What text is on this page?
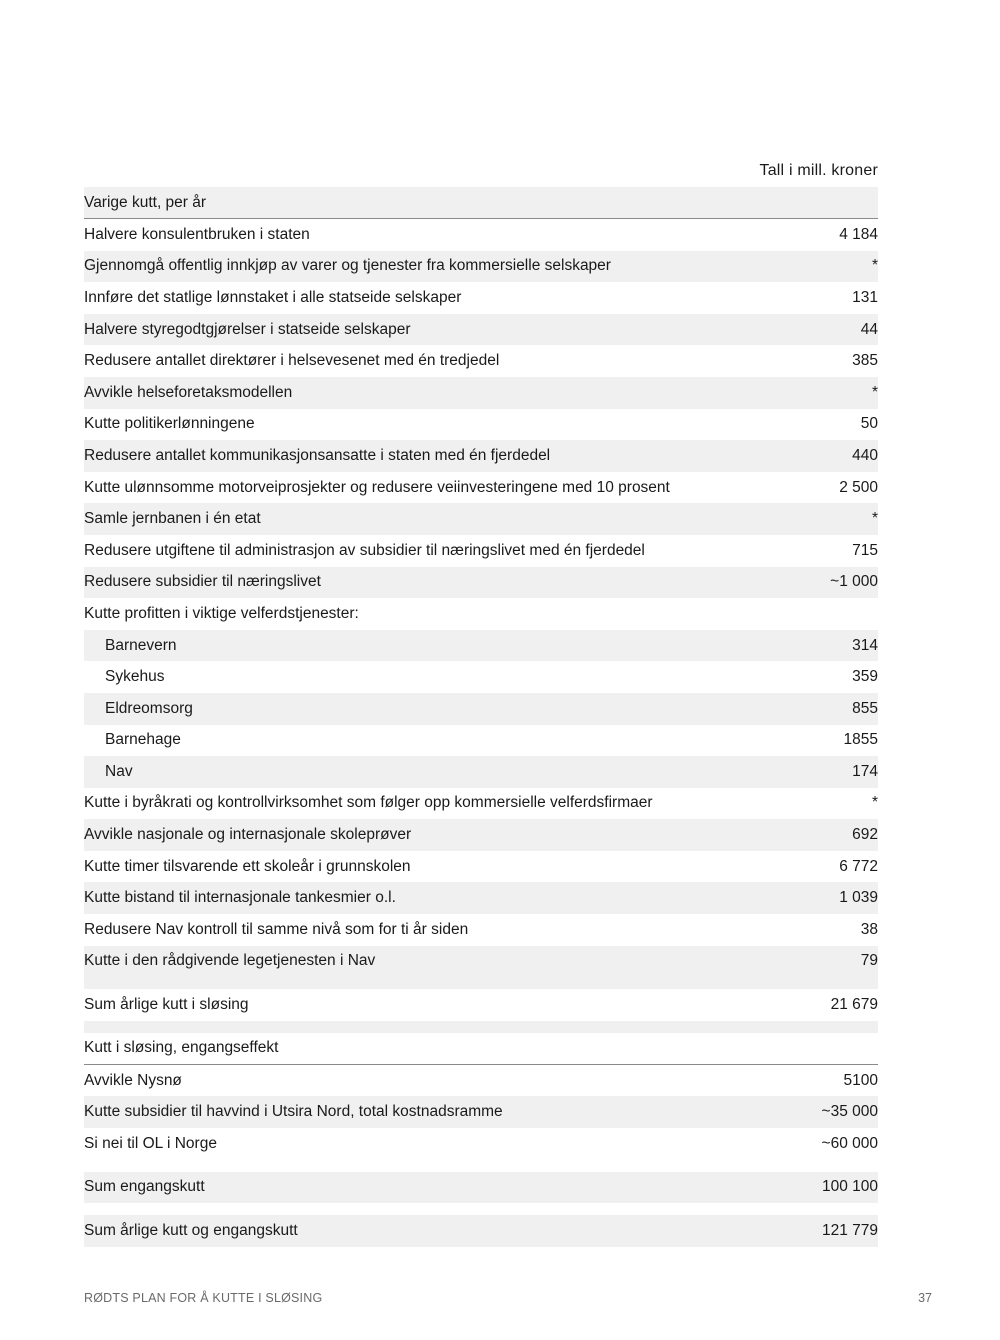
Tall i mill. kroner
Varige kutt, per år
Halvere konsulentbruken i staten	4 184
Gjennomgå offentlig innkjøp av varer og tjenester fra kommersielle selskaper	*
Innføre det statlige lønnstaket i alle statseide selskaper	131
Halvere styregodtgjørelser i statseide selskaper	44
Redusere antallet direktører i helsevesenet med én tredjedel	385
Avvikle helseforetaksmodellen	*
Kutte politikerlønningene	50
Redusere antallet kommunikasjonsansatte i staten med én fjerdedel	440
Kutte ulønnsomme motorveiprosjekter og redusere veiinvesteringene med 10 prosent	2 500
Samle jernbanen i én etat	*
Redusere utgiftene til administrasjon av subsidier til næringslivet med én fjerdedel	715
Redusere subsidier til næringslivet	~1 000
Kutte profitten i viktige velferdstjenester:
Barnevern	314
Sykehus	359
Eldreomsorg	855
Barnehage	1855
Nav	174
Kutte i byråkrati og kontrollvirksomhet som følger opp kommersielle velferdsfirmaer	*
Avvikle nasjonale og internasjonale skoleprøver	692
Kutte timer tilsvarende ett skoleår i grunnskolen	6 772
Kutte bistand til internasjonale tankesmier o.l.	1 039
Redusere Nav kontroll til samme nivå som for ti år siden	38
Kutte i den rådgivende legetjenesten i Nav	79
Sum årlige kutt i sløsing	21 679
Kutt i sløsing, engangseffekt
Avvikle Nysnø	5100
Kutte subsidier til havvind i Utsira Nord, total kostnadsramme	~35 000
Si nei til OL i Norge	~60 000
Sum engangskutt	100 100
Sum årlige kutt og engangskutt	121 779
RØDTS PLAN FOR Å KUTTE I SLØSING	37
